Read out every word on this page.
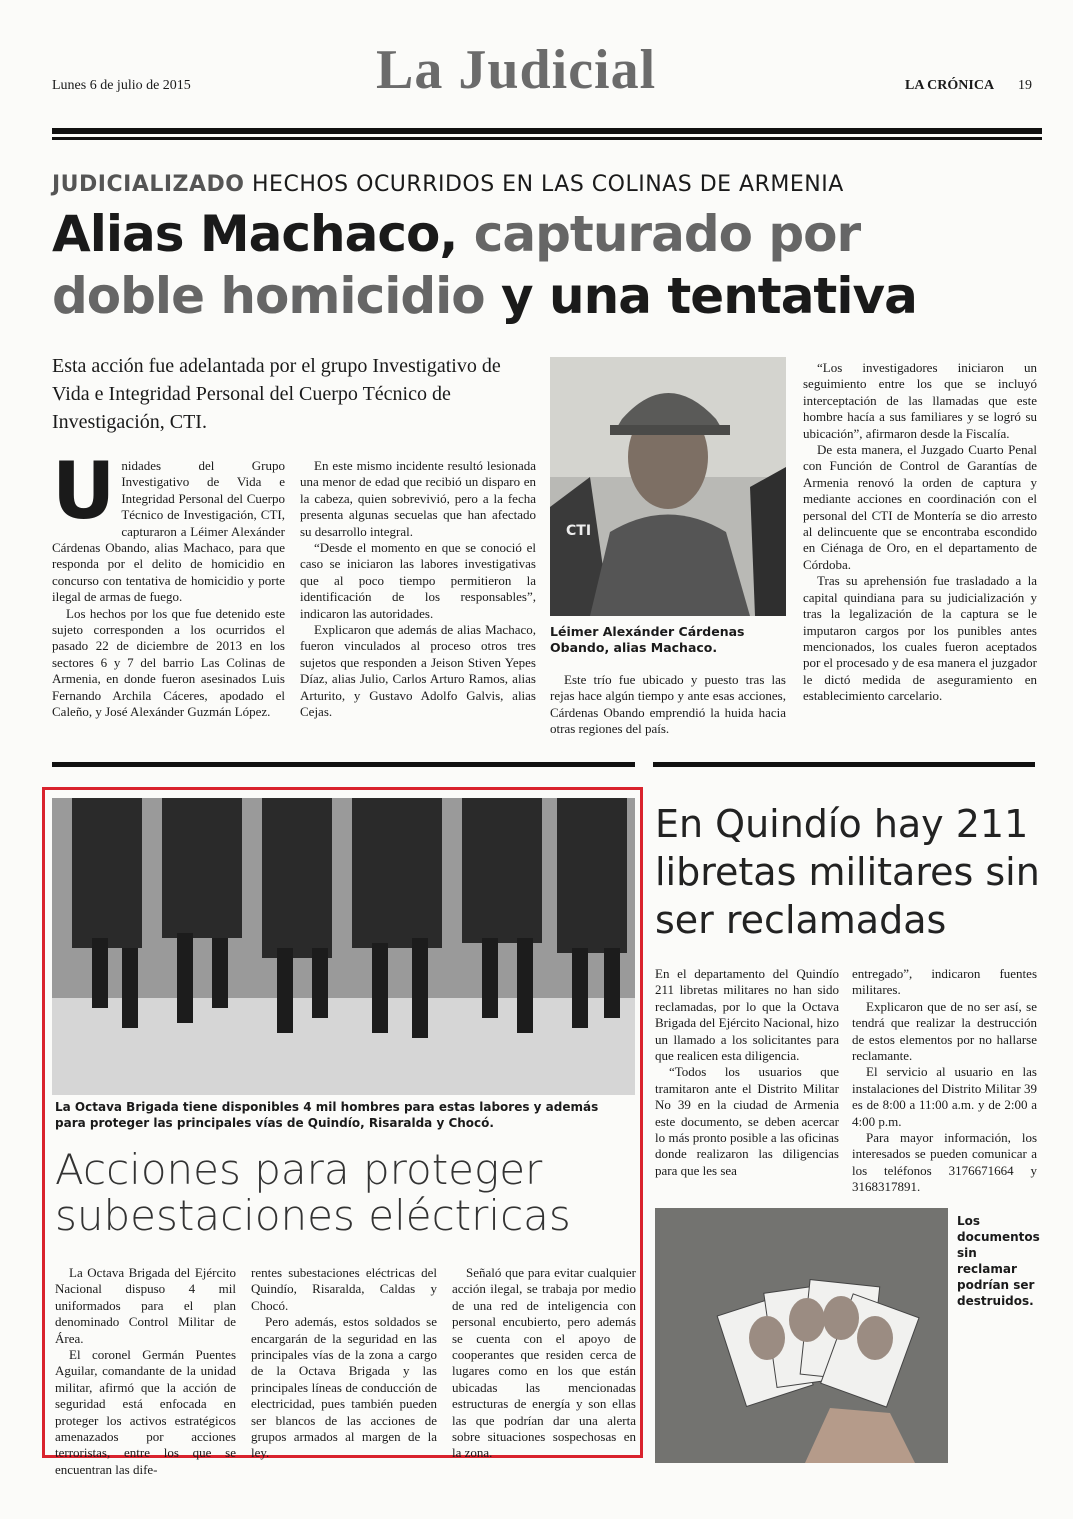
Lunes 6 de julio de 2015	La Judicial	LA CRÓNICA 19
JUDICIALIZADO HECHOS OCURRIDOS EN LAS COLINAS DE ARMENIA
Alias Machaco, capturado por
doble homicidio y una tentativa
Esta acción fue adelantada por el grupo Investigativo de Vida e Integridad Personal del Cuerpo Técnico de Investigación, CTI.

Unidades del Grupo Investigativo de Vida e Integridad Personal del Cuerpo Técnico de Investigación, CTI, capturaron a Léimer Alexánder Cárdenas Obando, alias Machaco, para que responda por el delito de homicidio en concurso con tentativa de homicidio y porte ilegal de armas de fuego.

Los hechos por los que fue detenido este sujeto corresponden a los ocurridos el pasado 22 de diciembre de 2013 en los sectores 6 y 7 del barrio Las Colinas de Armenia, en donde fueron asesinados Luis Fernando Archila Cáceres, apodado el Caleño, y José Alexánder Guzmán López.

En este mismo incidente resultó lesionada una menor de edad que recibió un disparo en la cabeza, quien sobrevivió, pero a la fecha presenta algunas secuelas que han afectado su desarrollo integral.

“Desde el momento en que se conoció el caso se iniciaron las labores investigativas que al poco tiempo permitieron la identificación de los responsables”, indicaron las autoridades.

Explicaron que además de alias Machaco, fueron vinculados al proceso otros tres sujetos que responden a Jeison Stiven Yepes Díaz, alias Julio, Carlos Arturo Ramos, alias Arturito, y Gustavo Adolfo Galvis, alias Cejas.

CTI
Léimer Alexánder Cárdenas Obando, alias Machaco.

Este trío fue ubicado y puesto tras las rejas hace algún tiempo y ante esas acciones, Cárdenas Obando emprendió la huida hacia otras regiones del país.

“Los investigadores iniciaron un seguimiento entre los que se incluyó interceptación de las llamadas que este hombre hacía a sus familiares y se logró su ubicación”, afirmaron desde la Fiscalía.

De esta manera, el Juzgado Cuarto Penal con Función de Control de Garantías de Armenia renovó la orden de captura y mediante acciones en coordinación con el personal del CTI de Montería se dio arresto al delincuente que se encontraba escondido en Ciénaga de Oro, en el departamento de Córdoba.

Tras su aprehensión fue trasladado a la capital quindiana para su judicialización y tras la legalización de la captura se le imputaron cargos por los punibles antes mencionados, los cuales fueron aceptados por el procesado y de esa manera el juzgador le dictó medida de aseguramiento en establecimiento carcelario.

La Octava Brigada tiene disponibles 4 mil hombres para estas labores y además para proteger las principales vías de Quindío, Risaralda y Chocó.
Acciones para proteger subestaciones eléctricas

La Octava Brigada del Ejército Nacional dispuso 4 mil uniformados para el plan denominado Control Militar de Área.

El coronel Germán Puentes Aguilar, comandante de la unidad militar, afirmó que la acción de seguridad está enfocada en proteger los activos estratégicos amenazados por acciones terroristas, entre los que se encuentran las dife-

rentes subestaciones eléctricas del Quindío, Risaralda, Caldas y Chocó.

Pero además, estos soldados se encargarán de la seguridad en las principales vías de la zona a cargo de la Octava Brigada y las principales líneas de conducción de electricidad, pues también pueden ser blancos de las acciones de grupos armados al margen de la ley.

Señaló que para evitar cualquier acción ilegal, se trabaja por medio de una red de inteligencia con personal encubierto, pero además se cuenta con el apoyo de cooperantes que residen cerca de lugares como en los que están ubicadas las mencionadas estructuras de energía y son ellas las que podrían dar una alerta sobre situaciones sospechosas en la zona.

En Quindío hay 211 libretas militares sin ser reclamadas

En el departamento del Quindío 211 libretas militares no han sido reclamadas, por lo que la Octava Brigada del Ejército Nacional, hizo un llamado a los solicitantes para que realicen esta diligencia.

“Todos los usuarios que tramitaron ante el Distrito Militar No 39 en la ciudad de Armenia este documento, se deben acercar lo más pronto posible a las oficinas donde realizaron las diligencias para que les sea

entregado”, indicaron fuentes militares.

Explicaron que de no ser así, se tendrá que realizar la destrucción de estos elementos por no hallarse reclamante.

El servicio al usuario en las instalaciones del Distrito Militar 39 es de 8:00 a 11:00 a.m. y de 2:00 a 4:00 p.m.

Para mayor información, los interesados se pueden comunicar a los teléfonos 3176671664 y 3168317891.

Los documentos sin reclamar podrían ser destruidos.
